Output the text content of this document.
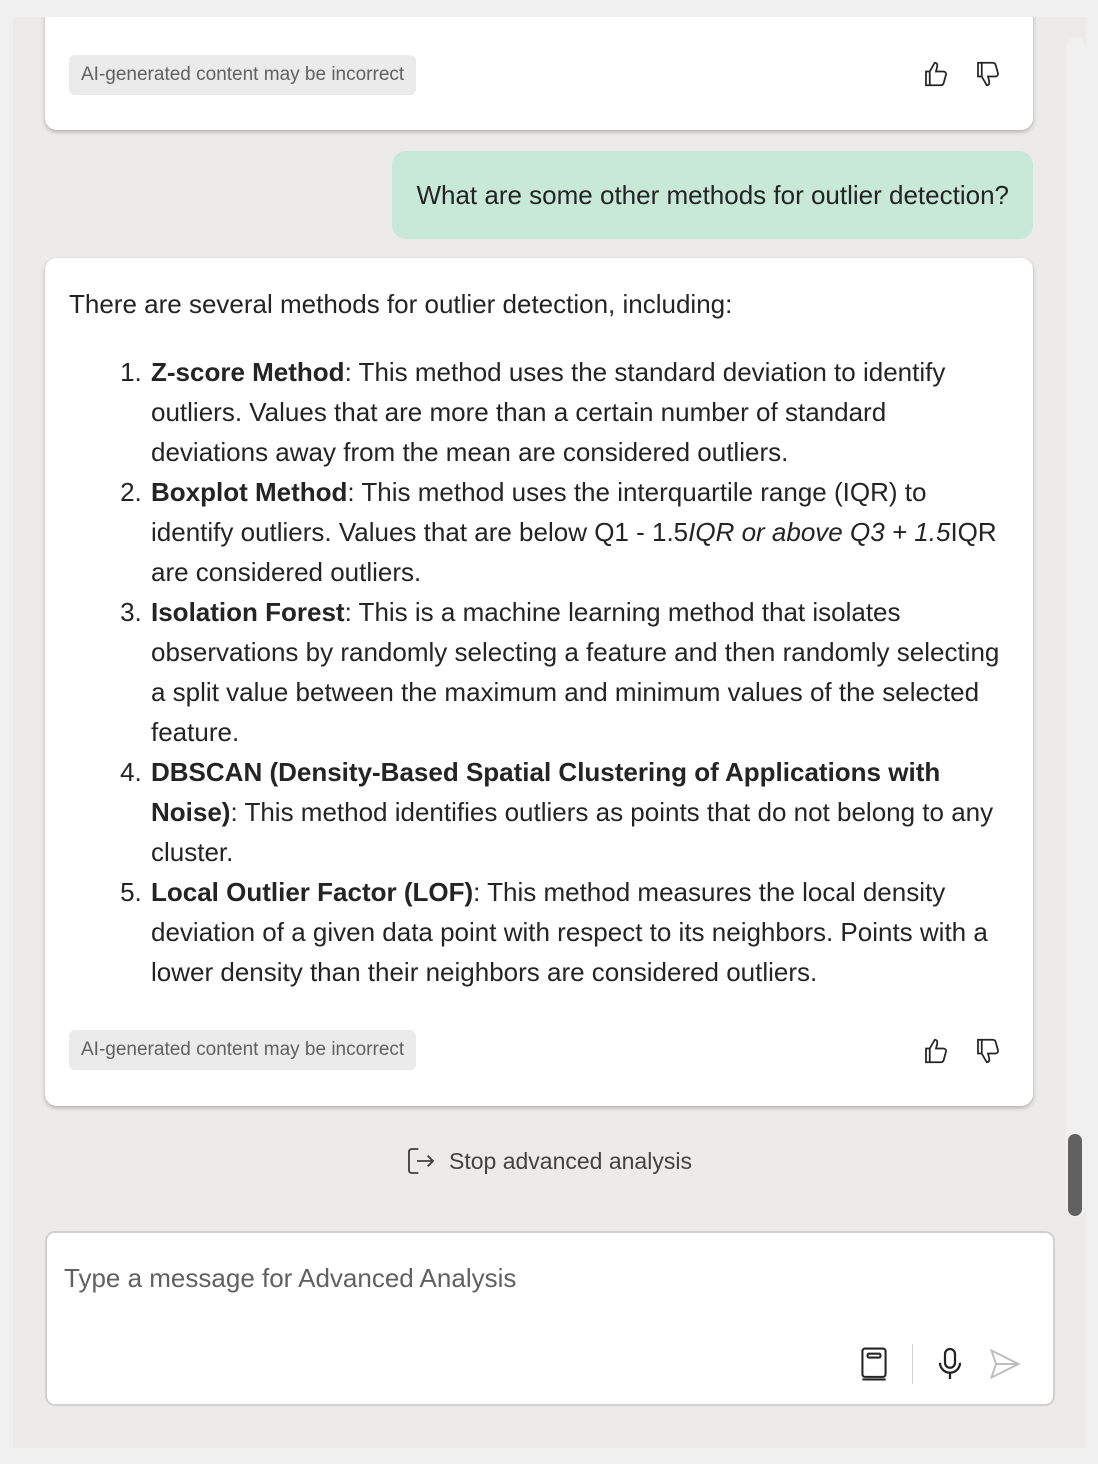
AI-generated content may be incorrect
What are some other methods for outlier detection?

There are several methods for outlier detection, including:

1. Z-score Method: This method uses the standard deviation to identify outliers. Values that are more than a certain number of standard deviations away from the mean are considered outliers.
2. Boxplot Method: This method uses the interquartile range (IQR) to identify outliers. Values that are below Q1 - 1.5IQR or above Q3 + 1.5IQR are considered outliers.
3. Isolation Forest: This is a machine learning method that isolates observations by randomly selecting a feature and then randomly selecting a split value between the maximum and minimum values of the selected feature.
4. DBSCAN (Density-Based Spatial Clustering of Applications with Noise): This method identifies outliers as points that do not belong to any cluster.
5. Local Outlier Factor (LOF): This method measures the local density deviation of a given data point with respect to its neighbors. Points with a lower density than their neighbors are considered outliers.
AI-generated content may be incorrect
Stop advanced analysis
Type a message for Advanced Analysis
